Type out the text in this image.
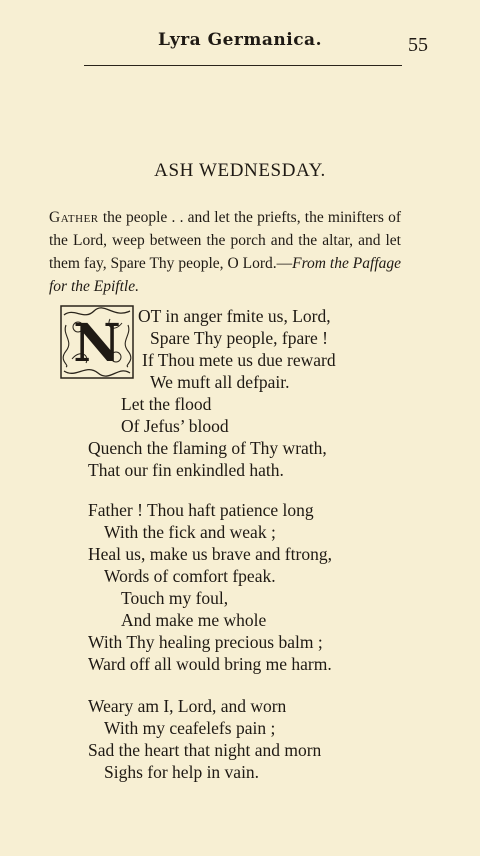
Lyra Germanica.	55
ASH WEDNESDAY.
Gather the people . . and let the priefts, the minifters of the Lord, weep between the porch and the altar, and let them fay, Spare Thy people, O Lord.—From the Paffage for the Epiftle.
N OT in anger fmite us, Lord,
Spare Thy people, fpare !
If Thou mete us due reward
We muft all defpair.
Let the flood
Of Jefus’ blood
Quench the flaming of Thy wrath,
That our fin enkindled hath.
Father ! Thou haft patience long
With the fick and weak ;
Heal us, make us brave and ftrong,
Words of comfort fpeak.
Touch my foul,
And make me whole
With Thy healing precious balm ;
Ward off all would bring me harm.
Weary am I, Lord, and worn
With my ceafelefs pain ;
Sad the heart that night and morn
Sighs for help in vain.
